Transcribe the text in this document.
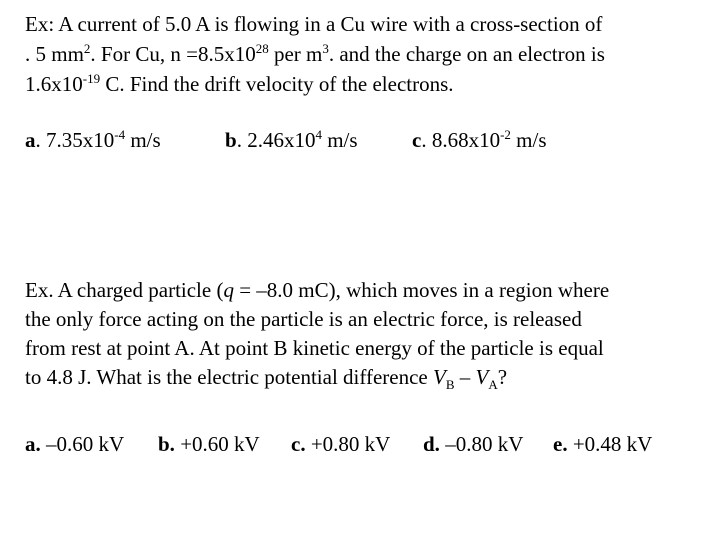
Ex: A current of 5.0 A is flowing in a Cu wire with a cross-section of
. 5 $mm^2$. For Cu, $n =8.5x10^{28}$ per $m^3$. and the charge on an electron is
$1.6x10^{-19}$ C. Find the drift velocity of the electrons.
a. $7.35x10^{-4}$ m/s	b. $2.46x10^4$ m/s	c. $8.68x10^{-2}$ m/s
Ex. A charged particle (q = –8.0 mC), which moves in a region where
the only force acting on the particle is an electric force, is released
from rest at point A. At point B kinetic energy of the particle is equal
to 4.8 J. What is the electric potential difference $V_B - V_A$?
a. –0.60 kV b. +0.60 kV c. +0.80 kV d. –0.80 kV e. +0.48 kV
